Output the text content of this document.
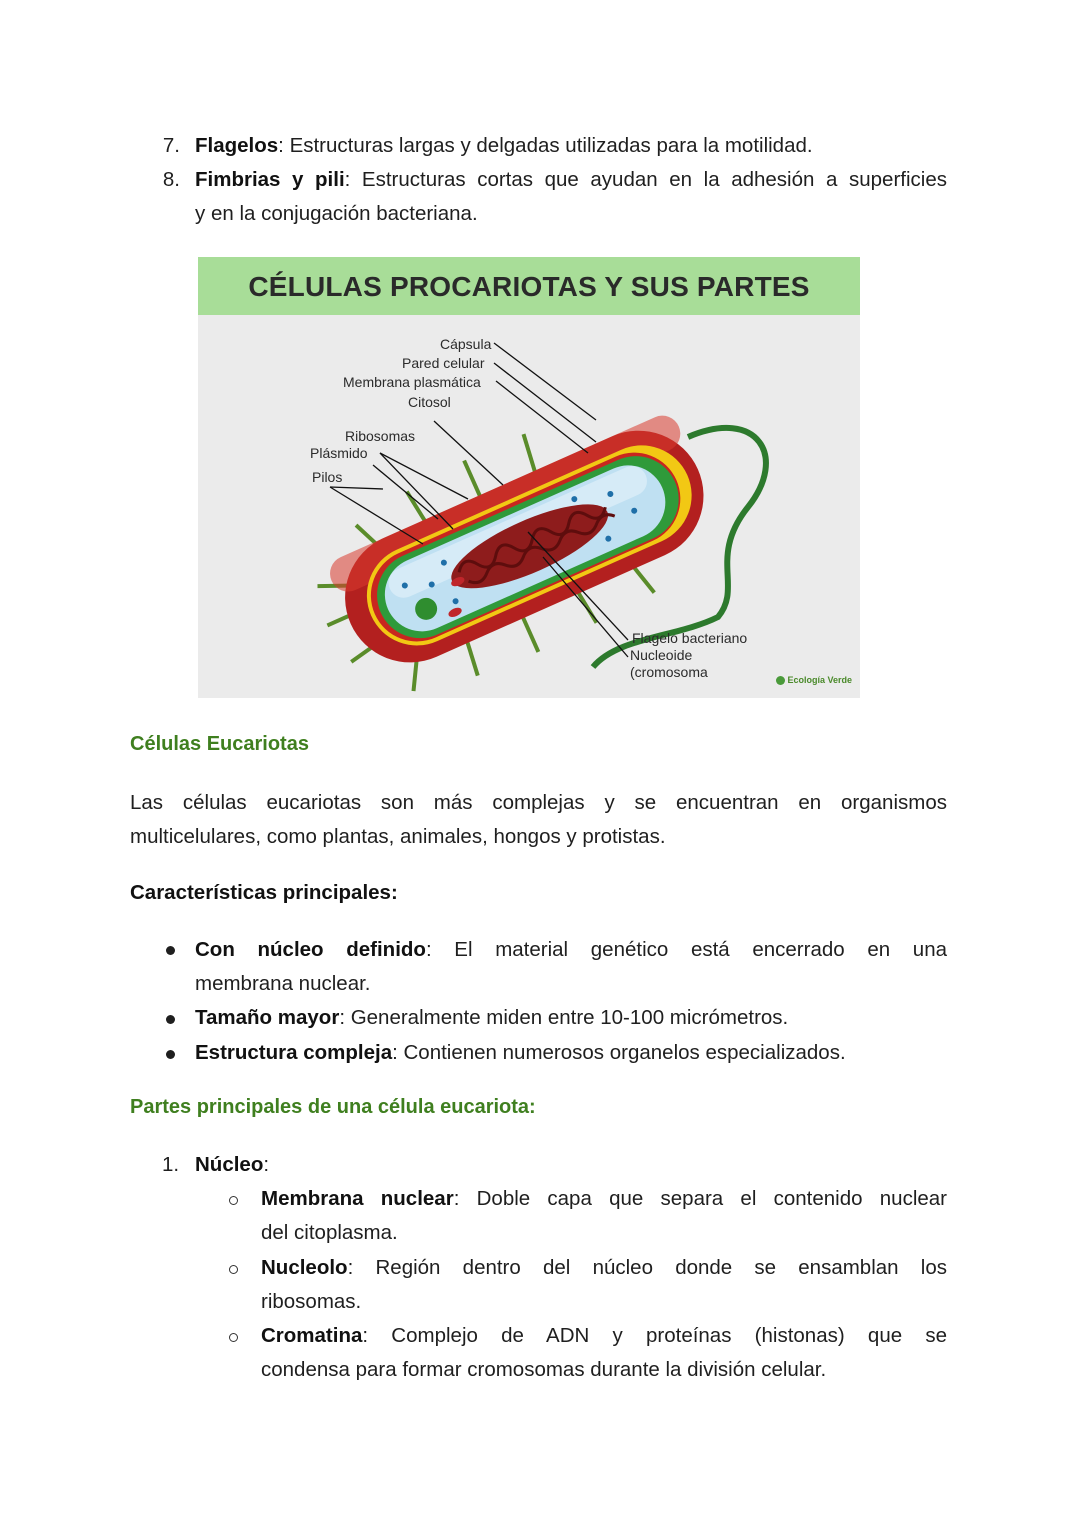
7. Flagelos: Estructuras largas y delgadas utilizadas para la motilidad.
8. Fimbrias y pili: Estructuras cortas que ayudan en la adhesión a superficies
y en la conjugación bacteriana.
CÉLULAS PROCARIOTAS Y SUS PARTES
Cápsula
Pared celular
Membrana plasmática
Citosol
Ribosomas
Plásmido
Pilos
Flagelo bacteriano
Nucleoide
(cromosoma	Ecología Verde
Células Eucariotas
Las células eucariotas son más complejas y se encuentran en organismos
multicelulares, como plantas, animales, hongos y protistas.
Características principales:
Con núcleo definido: El material genético está encerrado en una
membrana nuclear.
Tamaño mayor: Generalmente miden entre 10-100 micrómetros.
Estructura compleja: Contienen numerosos organelos especializados.
Partes principales de una célula eucariota:
1. Núcleo:
Membrana nuclear: Doble capa que separa el contenido nuclear
del citoplasma.
Nucleolo: Región dentro del núcleo donde se ensamblan los
ribosomas.
Cromatina: Complejo de ADN y proteínas (histonas) que se
condensa para formar cromosomas durante la división celular.
